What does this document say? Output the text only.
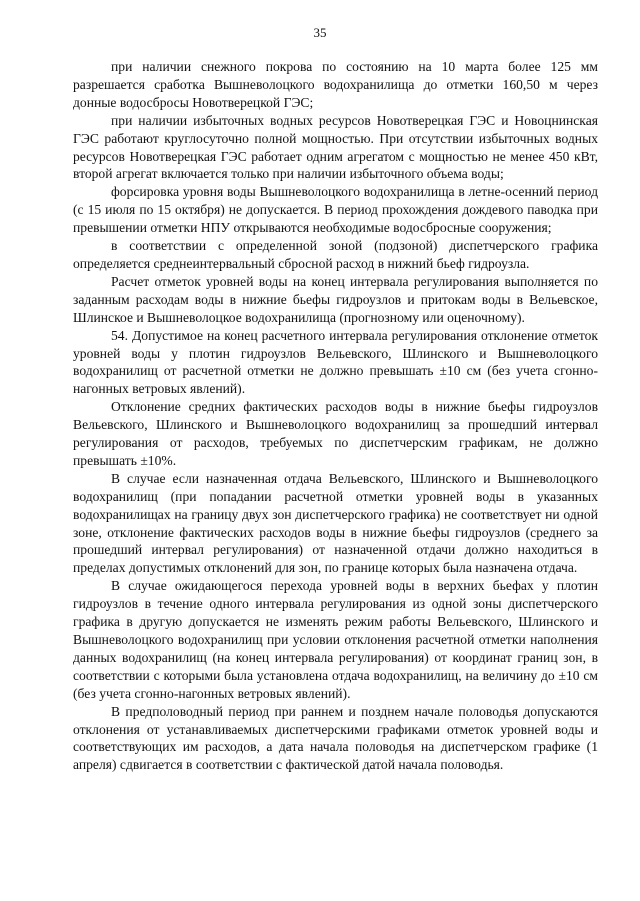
35

при наличии снежного покрова по состоянию на 10 марта более 125 мм разрешается сработка Вышневолоцкого водохранилища до отметки 160,50 м через донные водосбросы Новотверецкой ГЭС;

при наличии избыточных водных ресурсов Новотверецкая ГЭС и Новоцнинская ГЭС работают круглосуточно полной мощностью. При отсутствии избыточных водных ресурсов Новотверецкая ГЭС работает одним агрегатом с мощностью не менее 450 кВт, второй агрегат включается только при наличии избыточного объема воды;

форсировка уровня воды Вышневолоцкого водохранилища в летне-осенний период (с 15 июля по 15 октября) не допускается. В период прохождения дождевого паводка при превышении отметки НПУ открываются необходимые водосбросные сооружения;

в соответствии с определенной зоной (подзоной) диспетчерского графика определяется среднеинтервальный сбросной расход в нижний бьеф гидроузла.

Расчет отметок уровней воды на конец интервала регулирования выполняется по заданным расходам воды в нижние бьефы гидроузлов и притокам воды в Вельевское, Шлинское и Вышневолоцкое водохранилища (прогнозному или оценочному).

54. Допустимое на конец расчетного интервала регулирования отклонение отметок уровней воды у плотин гидроузлов Вельевского, Шлинского и Вышневолоцкого водохранилищ от расчетной отметки не должно превышать ±10 см (без учета сгонно-нагонных ветровых явлений).

Отклонение средних фактических расходов воды в нижние бьефы гидроузлов Вельевского, Шлинского и Вышневолоцкого водохранилищ за прошедший интервал регулирования от расходов, требуемых по диспетчерским графикам, не должно превышать ±10%.

В случае если назначенная отдача Вельевского, Шлинского и Вышневолоцкого водохранилищ (при попадании расчетной отметки уровней воды в указанных водохранилищах на границу двух зон диспетчерского графика) не соответствует ни одной зоне, отклонение фактических расходов воды в нижние бьефы гидроузлов (среднего за прошедший интервал регулирования) от назначенной отдачи должно находиться в пределах допустимых отклонений для зон, по границе которых была назначена отдача.

В случае ожидающегося перехода уровней воды в верхних бьефах у плотин гидроузлов в течение одного интервала регулирования из одной зоны диспетчерского графика в другую допускается не изменять режим работы Вельевского, Шлинского и Вышневолоцкого водохранилищ при условии отклонения расчетной отметки наполнения данных водохранилищ (на конец интервала регулирования) от координат границ зон, в соответствии с которыми была установлена отдача водохранилищ, на величину до ±10 см (без учета сгонно-нагонных ветровых явлений).

В предполоводный период при раннем и позднем начале половодья допускаются отклонения от устанавливаемых диспетчерскими графиками отметок уровней воды и соответствующих им расходов, а дата начала половодья на диспетчерском графике (1 апреля) сдвигается в соответствии с фактической датой начала половодья.
